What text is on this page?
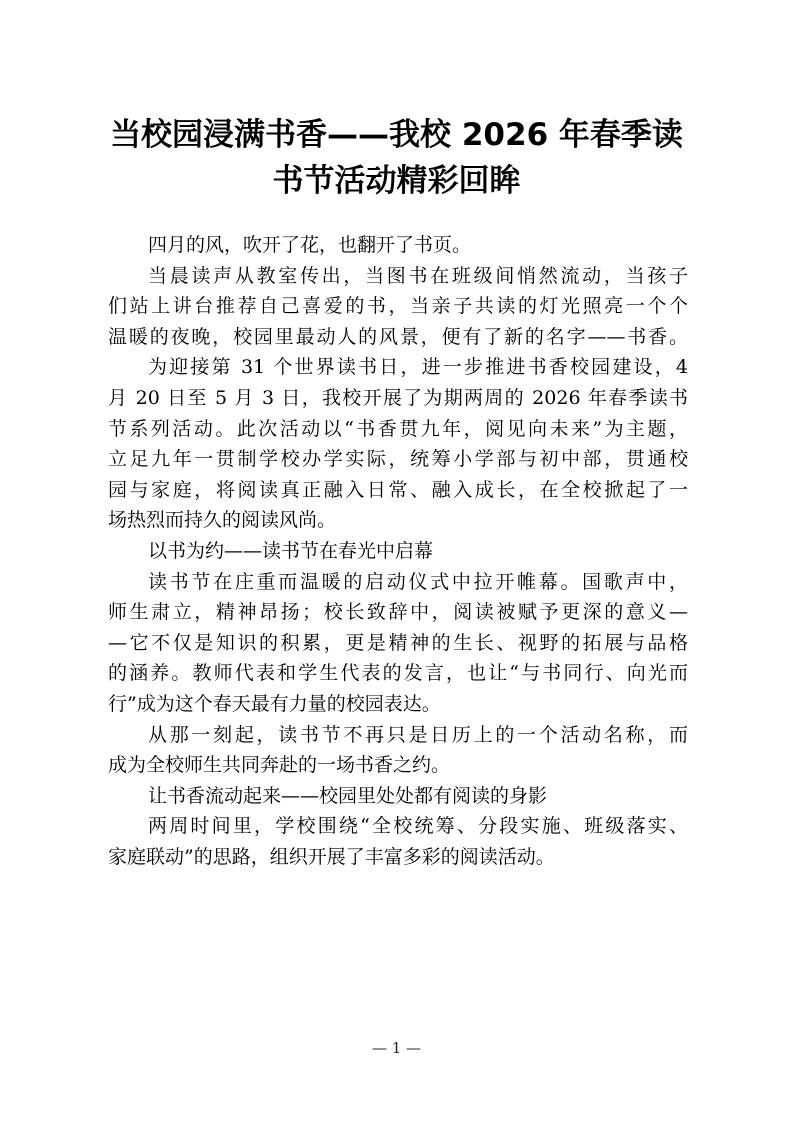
当校园浸满书香——我校 2026 年春季读
书节活动精彩回眸
四月的风，吹开了花，也翻开了书页。
当晨读声从教室传出，当图书在班级间悄然流动，当孩子
们站上讲台推荐自己喜爱的书，当亲子共读的灯光照亮一个个
温暖的夜晚，校园里最动人的风景，便有了新的名字——书香。
为迎接第 31 个世界读书日，进一步推进书香校园建设，4
月 20 日至 5 月 3 日，我校开展了为期两周的 2026 年春季读书
节系列活动。此次活动以“书香贯九年，阅见向未来”为主题，
立足九年一贯制学校办学实际，统筹小学部与初中部，贯通校
园与家庭，将阅读真正融入日常、融入成长，在全校掀起了一
场热烈而持久的阅读风尚。
以书为约——读书节在春光中启幕
读书节在庄重而温暖的启动仪式中拉开帷幕。国歌声中，
师生肃立，精神昂扬；校长致辞中，阅读被赋予更深的意义—
—它不仅是知识的积累，更是精神的生长、视野的拓展与品格
的涵养。教师代表和学生代表的发言，也让“与书同行、向光而
行”成为这个春天最有力量的校园表达。
从那一刻起，读书节不再只是日历上的一个活动名称，而
成为全校师生共同奔赴的一场书香之约。
让书香流动起来——校园里处处都有阅读的身影
两周时间里，学校围绕“全校统筹、分段实施、班级落实、
家庭联动”的思路，组织开展了丰富多彩的阅读活动。
— 1 —
